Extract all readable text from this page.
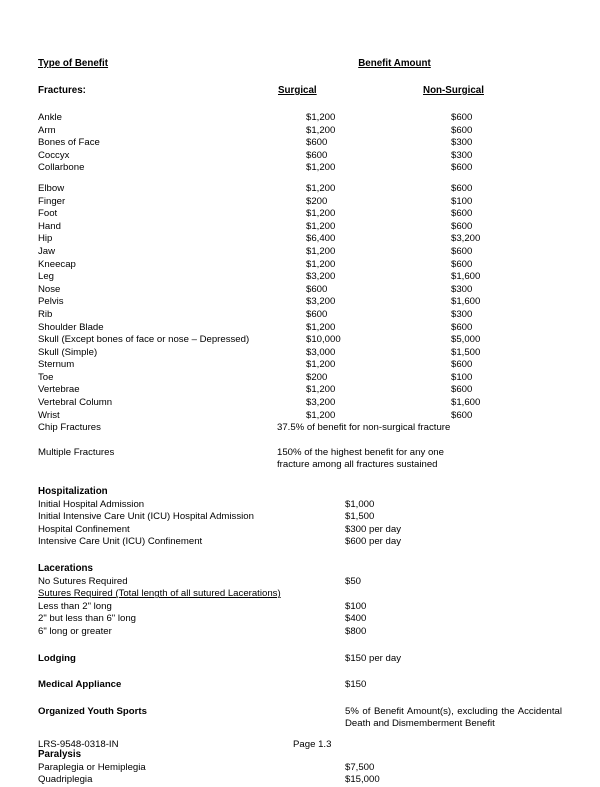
Type of Benefit	Benefit Amount
Fractures:	Surgical	Non-Surgical
Ankle	$1,200	$600
Arm	$1,200	$600
Bones of Face	$600	$300
Coccyx	$600	$300
Collarbone	$1,200	$600
Elbow	$1,200	$600
Finger	$200	$100
Foot	$1,200	$600
Hand	$1,200	$600
Hip	$6,400	$3,200
Jaw	$1,200	$600
Kneecap	$1,200	$600
Leg	$3,200	$1,600
Nose	$600	$300
Pelvis	$3,200	$1,600
Rib	$600	$300
Shoulder Blade	$1,200	$600
Skull (Except bones of face or nose – Depressed)	$10,000	$5,000
Skull (Simple)	$3,000	$1,500
Sternum	$1,200	$600
Toe	$200	$100
Vertebrae	$1,200	$600
Vertebral Column	$3,200	$1,600
Wrist	$1,200	$600
Chip Fractures	37.5% of benefit for non-surgical fracture
Multiple Fractures	150% of the highest benefit for any one
fracture among all fractures sustained
Hospitalization
Initial Hospital Admission	$1,000
Initial Intensive Care Unit (ICU) Hospital Admission	$1,500
Hospital Confinement	$300 per day
Intensive Care Unit (ICU) Confinement	$600 per day
Lacerations
No Sutures Required	$50
Sutures Required (Total length of all sutured Lacerations)
Less than 2" long	$100
2" but less than 6" long	$400
6" long or greater	$800
Lodging	$150 per day
Medical Appliance	$150
Organized Youth Sports	5% of Benefit Amount(s), excluding the Accidental
Death and Dismemberment Benefit
Paralysis
Paraplegia or Hemiplegia	$7,500
Quadriplegia	$15,000
LRS-9548-0318-IN	Page 1.3
